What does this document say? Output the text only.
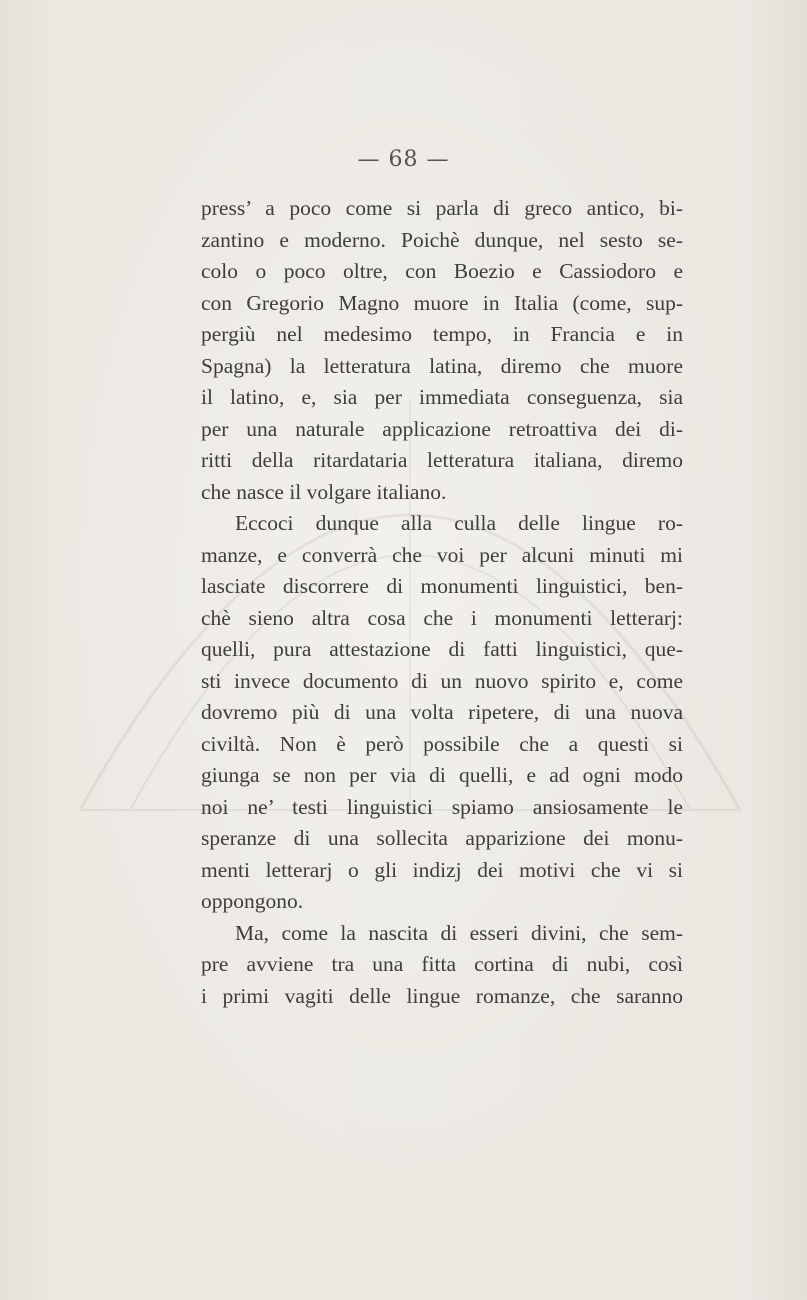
— 68 —
press’ a poco come si parla di greco antico, bi-
zantino e moderno. Poichè dunque, nel sesto se-
colo o poco oltre, con Boezio e Cassiodoro e
con Gregorio Magno muore in Italia (come, sup-
pergiù nel medesimo tempo, in Francia e in
Spagna) la letteratura latina, diremo che muore
il latino, e, sia per immediata conseguenza, sia
per una naturale applicazione retroattiva dei di-
ritti della ritardataria letteratura italiana, diremo
che nasce il volgare italiano.
Eccoci dunque alla culla delle lingue ro-
manze, e converrà che voi per alcuni minuti mi
lasciate discorrere di monumenti linguistici, ben-
chè sieno altra cosa che i monumenti letterarj:
quelli, pura attestazione di fatti linguistici, que-
sti invece documento di un nuovo spirito e, come
dovremo più di una volta ripetere, di una nuova
civiltà. Non è però possibile che a questi si
giunga se non per via di quelli, e ad ogni modo
noi ne’ testi linguistici spiamo ansiosamente le
speranze di una sollecita apparizione dei monu-
menti letterarj o gli indizj dei motivi che vi si
oppongono.
Ma, come la nascita di esseri divini, che sem-
pre avviene tra una fitta cortina di nubi, così
i primi vagiti delle lingue romanze, che saranno
